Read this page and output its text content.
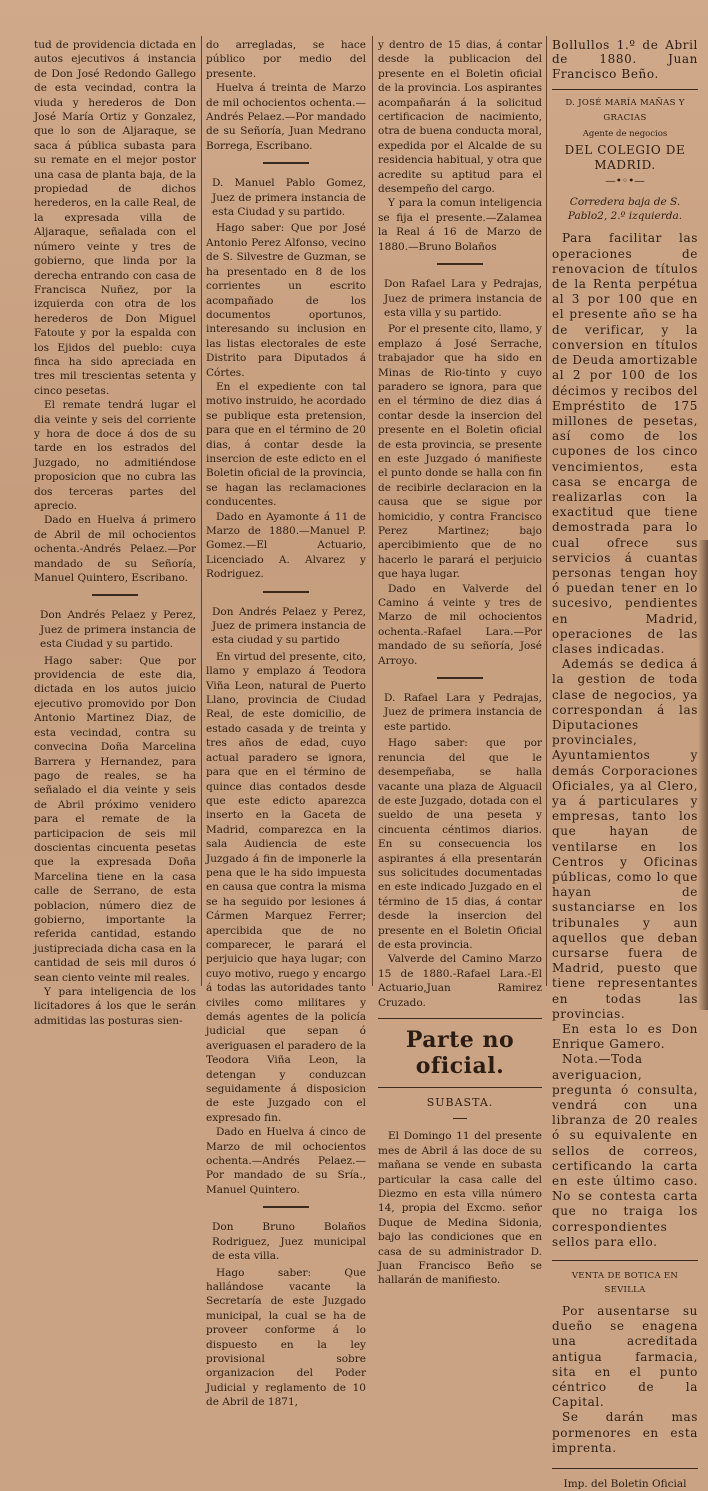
tud de providencia dictada en autos ejecutivos á instancia de Don José Redondo Gallego de esta vecindad, contra la viuda y herederos de Don José María Ortiz y Gonzalez, que lo son de Aljaraque, se saca á pública subasta para su remate en el mejor postor una casa de planta baja, de la propiedad de dichos herederos, en la calle Real, de la expresada villa de Aljaraque, señalada con el número veinte y tres de gobierno, que linda por la derecha entrando con casa de Francisca Nuñez, por la izquierda con otra de los herederos de Don Miguel Fatoute y por la espalda con los Ejidos del pueblo: cuya finca ha sido apreciada en tres mil trescientas setenta y cinco pesetas.

El remate tendrá lugar el dia veinte y seis del corriente y hora de doce á dos de su tarde en los estrados del Juzgado, no admitiéndose proposicion que no cubra las dos terceras partes del aprecio.

Dado en Huelva á primero de Abril de mil ochocientos ochenta.-Andrés Pelaez.—Por mandado de su Señoría, Manuel Quintero, Escribano.

Don Andrés Pelaez y Perez, Juez de primera instancia de esta Ciudad y su partido.

Hago saber: Que por providencia de este dia, dictada en los autos juicio ejecutivo promovido por Don Antonio Martinez Diaz, de esta vecindad, contra su convecina Doña Marcelina Barrera y Hernandez, para pago de reales, se ha señalado el dia veinte y seis de Abril próximo venidero para el remate de la participacion de seis mil doscientas cincuenta pesetas que la expresada Doña Marcelina tiene en la casa calle de Serrano, de esta poblacion, número diez de gobierno, importante la referida cantidad, estando justipreciada dicha casa en la cantidad de seis mil duros ó sean ciento veinte mil reales.

Y para inteligencia de los licitadores á los que le serán admitidas las posturas sien-

do arregladas, se hace público por medio del presente.

Huelva á treinta de Marzo de mil ochocientos ochenta.—Andrés Pelaez.—Por mandado de su Señoría, Juan Medrano Borrega, Escribano.

D. Manuel Pablo Gomez, Juez de primera instancia de esta Ciudad y su partido.

Hago saber: Que por José Antonio Perez Alfonso, vecino de S. Silvestre de Guzman, se ha presentado en 8 de los corrientes un escrito acompañado de los documentos oportunos, interesando su inclusion en las listas electorales de este Distrito para Diputados á Córtes.

En el expediente con tal motivo instruido, he acordado se publique esta pretension, para que en el término de 20 dias, á contar desde la insercion de este edicto en el Boletin oficial de la provincia, se hagan las reclamaciones conducentes.

Dado en Ayamonte á 11 de Marzo de 1880.—Manuel P. Gomez.—El Actuario, Licenciado A. Alvarez y Rodriguez.

Don Andrés Pelaez y Perez, Juez de primera instancia de esta ciudad y su partido

En virtud del presente, cito, llamo y emplazo á Teodora Viña Leon, natural de Puerto Llano, provincia de Ciudad Real, de este domicilio, de estado casada y de treinta y tres años de edad, cuyo actual paradero se ignora, para que en el término de quince dias contados desde que este edicto aparezca inserto en la Gaceta de Madrid, comparezca en la sala Audiencia de este Juzgado á fin de imponerle la pena que le ha sido impuesta en causa que contra la misma se ha seguido por lesiones á Cármen Marquez Ferrer; apercibida que de no comparecer, le parará el perjuicio que haya lugar; con cuyo motivo, ruego y encargo á todas las autoridades tanto civiles como militares y demás agentes de la policía judicial que sepan ó averiguasen el paradero de la Teodora Viña Leon, la detengan y conduzcan seguidamente á disposicion de este Juzgado con el expresado fin.

Dado en Huelva á cinco de Marzo de mil ochocientos ochenta.—Andrés Pelaez.—Por mandado de su Sría., Manuel Quintero.

Don Bruno Bolaños Rodriguez, Juez municipal de esta villa.

Hago saber: Que hallándose vacante la Secretaría de este Juzgado municipal, la cual se ha de proveer conforme á lo dispuesto en la ley provisional sobre organizacion del Poder Judicial y reglamento de 10 de Abril de 1871,

y dentro de 15 dias, á contar desde la publicacion del presente en el Boletin oficial de la provincia. Los aspirantes acompañarán á la solicitud certificacion de nacimiento, otra de buena conducta moral, expedida por el Alcalde de su residencia habitual, y otra que acredite su aptitud para el desempeño del cargo.

Y para la comun inteligencia se fija el presente.—Zalamea la Real á 16 de Marzo de 1880.—Bruno Bolaños

Don Rafael Lara y Pedrajas, Juez de primera instancia de esta villa y su partido.

Por el presente cito, llamo, y emplazo á José Serrache, trabajador que ha sido en Minas de Rio-tinto y cuyo paradero se ignora, para que en el término de diez dias á contar desde la insercion del presente en el Boletin oficial de esta provincia, se presente en este Juzgado ó manifieste el punto donde se halla con fin de recibirle declaracion en la causa que se sigue por homicidio, y contra Francisco Perez Martinez; bajo apercibimiento que de no hacerlo le parará el perjuicio que haya lugar.

Dado en Valverde del Camino á veinte y tres de Marzo de mil ochocientos ochenta.-Rafael Lara.—Por mandado de su señoría, José Arroyo.

D. Rafael Lara y Pedrajas, Juez de primera instancia de este partido.

Hago saber: que por renuncia del que le desempeñaba, se halla vacante una plaza de Alguacil de este Juzgado, dotada con el sueldo de una peseta y cincuenta céntimos diarios. En su consecuencia los aspirantes á ella presentarán sus solicitudes documentadas en este indicado Juzgado en el término de 15 dias, á contar desde la insercion del presente en el Boletin Oficial de esta provincia.

Valverde del Camino Marzo 15 de 1880.-Rafael Lara.-El Actuario,Juan Ramirez Cruzado.

Parte no oficial.
SUBASTA.

El Domingo 11 del presente mes de Abril á las doce de su mañana se vende en subasta particular la casa calle del Diezmo en esta villa número 14, propia del Excmo. señor Duque de Medina Sidonia, bajo las condiciones que en casa de su administrador D. Juan Francisco Beño se hallarán de manifiesto.

Bollullos 1.º de Abril de 1880. Juan Francisco Beño.

D. JOSÉ MARÍA MAÑAS Y GRACIAS
Agente de negocios
DEL COLEGIO DE MADRID.
—•◦•—

Corredera baja de S. Pablo2, 2.º izquierda.

Para facilitar las operaciones de renovacion de títulos de la Renta perpétua al 3 por 100 que en el presente año se ha de verificar, y la conversion en títulos de Deuda amortizable al 2 por 100 de los décimos y recibos del Empréstito de 175 millones de pesetas, así como de los cupones de los cinco vencimientos, esta casa se encarga de realizarlas con la exactitud que tiene demostrada para lo cual ofrece sus servicios á cuantas personas tengan hoy ó puedan tener en lo sucesivo, pendientes en Madrid, operaciones de las clases indicadas.

Además se dedica á la gestion de toda clase de negocios, ya correspondan á las Diputaciones provinciales, Ayuntamientos y demás Corporaciones Oficiales, ya al Clero, ya á particulares y empresas, tanto los que hayan de ventilarse en los Centros y Oficinas públicas, como lo que hayan de sustanciarse en los tribunales y aun aquellos que deban cursarse fuera de Madrid, puesto que tiene representantes en todas las provincias.

En esta lo es Don Enrique Gamero.

Nota.—Toda averiguacion, pregunta ó consulta, vendrá con una libranza de 20 reales ó su equivalente en sellos de correos, certificando la carta en este último caso. No se contesta carta que no traiga los correspondientes sellos para ello.

VENTA DE BOTICA EN SEVILLA

Por ausentarse su dueño se enagena una acreditada antigua farmacia, sita en el punto céntrico de la Capital.

Se darán mas pormenores en esta imprenta.

Imp. del Boletin Oficial
